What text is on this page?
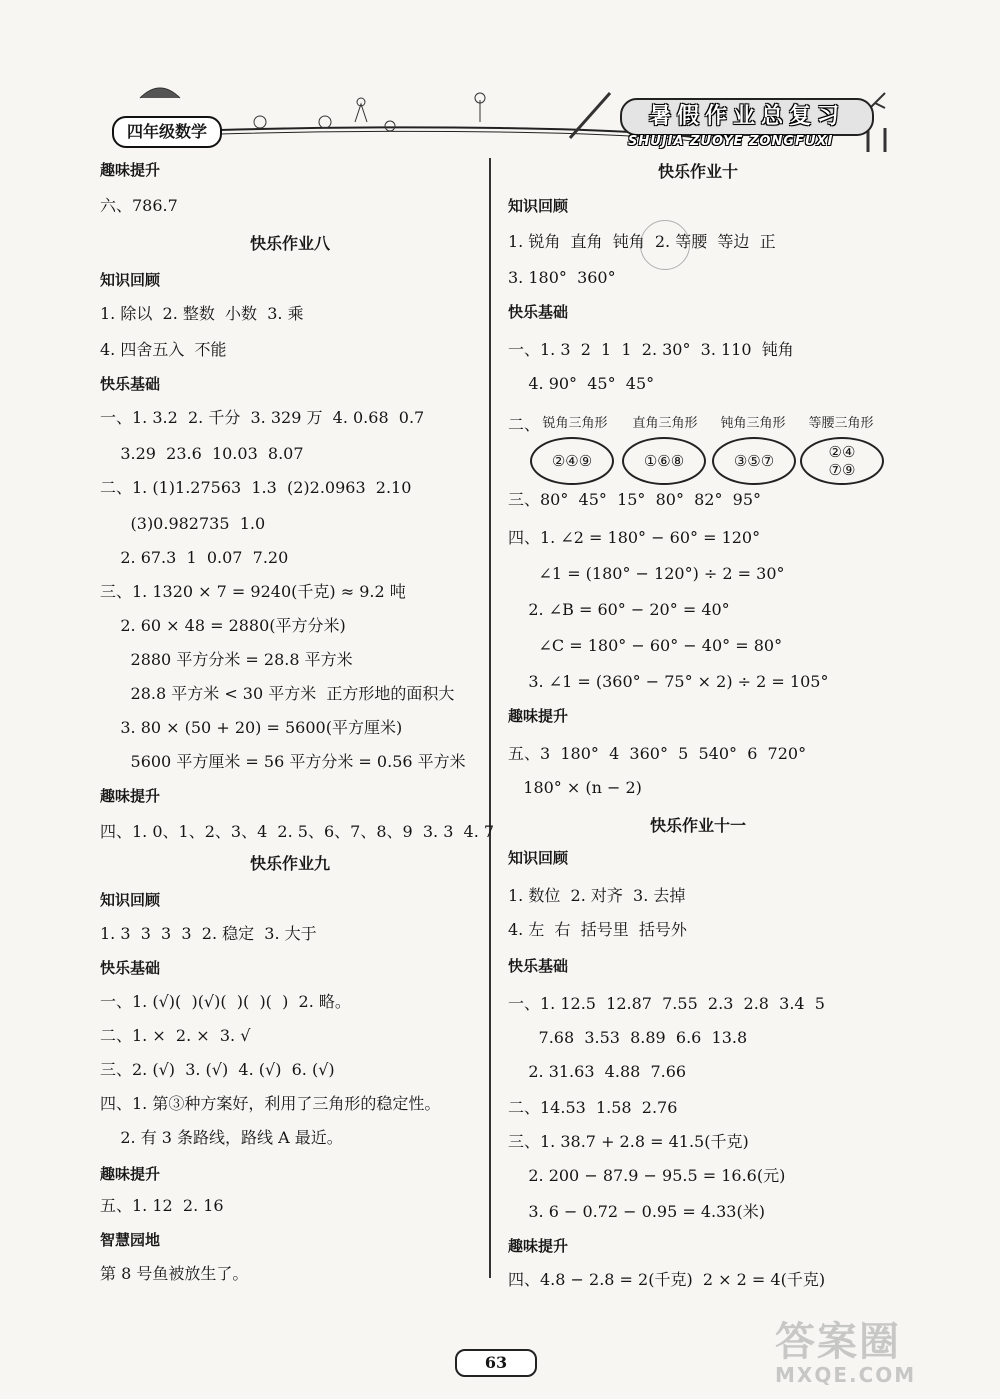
四年级数学
暑假作业总复习
SHUJIA ZUOYE ZONGFUXI
趣味提升
六、786.7
快乐作业八
知识回顾
1. 除以  2. 整数  小数  3. 乘
4. 四舍五入  不能
快乐基础
一、1. 3.2  2. 千分  3. 329 万  4. 0.68  0.7
3.29  23.6  10.03  8.07
二、1. (1)1.27563  1.3  (2)2.0963  2.10
(3)0.982735  1.0
2. 67.3  1  0.07  7.20
三、1. 1320 × 7 = 9240(千克) ≈ 9.2 吨
2. 60 × 48 = 2880(平方分米)
2880 平方分米 = 28.8 平方米
28.8 平方米 < 30 平方米  正方形地的面积大
3. 80 × (50 + 20) = 5600(平方厘米)
5600 平方厘米 = 56 平方分米 = 0.56 平方米
趣味提升
四、1. 0、1、2、3、4  2. 5、6、7、8、9  3. 3  4. 7
快乐作业九
知识回顾
1. 3  3  3  3  2. 稳定  3. 大于
快乐基础
一、1. (√)(  )(√)(  )(  )(  )  2. 略。
二、1. ×  2. ×  3. √
三、2. (√)  3. (√)  4. (√)  6. (√)
四、1. 第③种方案好，利用了三角形的稳定性。
2. 有 3 条路线，路线 A 最近。
趣味提升
五、1. 12  2. 16
智慧园地
第 8 号鱼被放生了。
快乐作业十
知识回顾
1. 锐角  直角  钝角  2. 等腰  等边  正
3. 180°  360°
快乐基础
一、1. 3  2  1  1  2. 30°  3. 110  钝角
4. 90°  45°  45°
三、80°  45°  15°  80°  82°  95°
四、1. ∠2 = 180° − 60° = 120°
∠1 = (180° − 120°) ÷ 2 = 30°
2. ∠B = 60° − 20° = 40°
∠C = 180° − 60° − 40° = 80°
3. ∠1 = (360° − 75° × 2) ÷ 2 = 105°
趣味提升
五、3  180°  4  360°  5  540°  6  720°
180° × (n − 2)
快乐作业十一
知识回顾
1. 数位  2. 对齐  3. 去掉
4. 左  右  括号里  括号外
快乐基础
一、1. 12.5  12.87  7.55  2.3  2.8  3.4  5
7.68  3.53  8.89  6.6  13.8
2. 31.63  4.88  7.66
二、14.53  1.58  2.76
三、1. 38.7 + 2.8 = 41.5(千克)
2. 200 − 87.9 − 95.5 = 16.6(元)
3. 6 − 0.72 − 0.95 = 4.33(米)
趣味提升
四、4.8 − 2.8 = 2(千克)  2 × 2 = 4(千克)
二、 锐角三角形
②④⑨
直角三角形
①⑥⑧
钝角三角形
③⑤⑦
等腰三角形
②④
⑦⑨
63	答案圈
MXQE.COM
